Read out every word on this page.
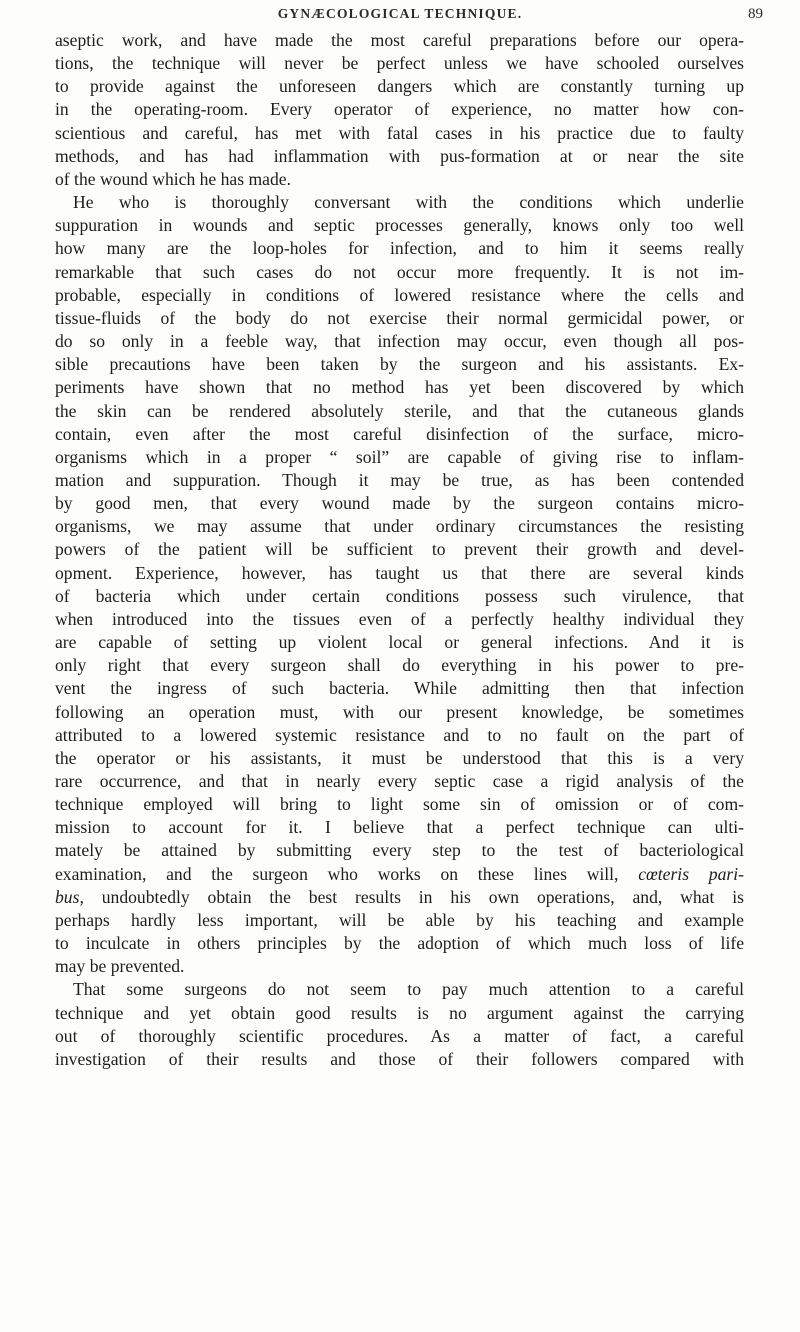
GYNÆCOLOGICAL TECHNIQUE.	89
aseptic work, and have made the most careful preparations before our opera-
tions, the technique will never be perfect unless we have schooled ourselves
to provide against the unforeseen dangers which are constantly turning up
in the operating-room. Every operator of experience, no matter how con-
scientious and careful, has met with fatal cases in his practice due to faulty
methods, and has had inflammation with pus-formation at or near the site
of the wound which he has made.
He who is thoroughly conversant with the conditions which underlie
suppuration in wounds and septic processes generally, knows only too well
how many are the loop-holes for infection, and to him it seems really
remarkable that such cases do not occur more frequently. It is not im-
probable, especially in conditions of lowered resistance where the cells and
tissue-fluids of the body do not exercise their normal germicidal power, or
do so only in a feeble way, that infection may occur, even though all pos-
sible precautions have been taken by the surgeon and his assistants. Ex-
periments have shown that no method has yet been discovered by which
the skin can be rendered absolutely sterile, and that the cutaneous glands
contain, even after the most careful disinfection of the surface, micro-
organisms which in a proper “ soil” are capable of giving rise to inflam-
mation and suppuration. Though it may be true, as has been contended
by good men, that every wound made by the surgeon contains micro-
organisms, we may assume that under ordinary circumstances the resisting
powers of the patient will be sufficient to prevent their growth and devel-
opment. Experience, however, has taught us that there are several kinds
of bacteria which under certain conditions possess such virulence, that
when introduced into the tissues even of a perfectly healthy individual they
are capable of setting up violent local or general infections. And it is
only right that every surgeon shall do everything in his power to pre-
vent the ingress of such bacteria. While admitting then that infection
following an operation must, with our present knowledge, be sometimes
attributed to a lowered systemic resistance and to no fault on the part of
the operator or his assistants, it must be understood that this is a very
rare occurrence, and that in nearly every septic case a rigid analysis of the
technique employed will bring to light some sin of omission or of com-
mission to account for it. I believe that a perfect technique can ulti-
mately be attained by submitting every step to the test of bacteriological
examination, and the surgeon who works on these lines will, cœteris pari-
bus, undoubtedly obtain the best results in his own operations, and, what is
perhaps hardly less important, will be able by his teaching and example
to inculcate in others principles by the adoption of which much loss of life
may be prevented.
That some surgeons do not seem to pay much attention to a careful
technique and yet obtain good results is no argument against the carrying
out of thoroughly scientific procedures. As a matter of fact, a careful
investigation of their results and those of their followers compared with
